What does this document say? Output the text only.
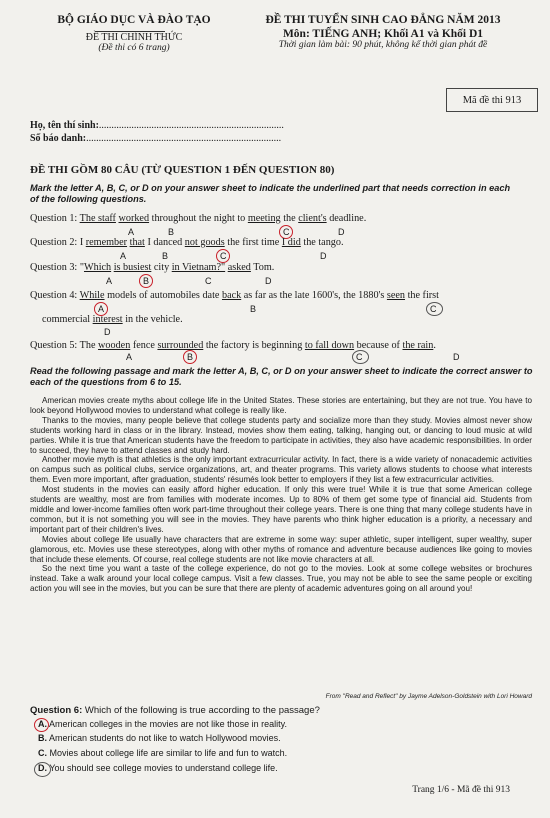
BỘ GIÁO DỤC VÀ ĐÀO TẠO
ĐỀ THI CHÍNH THỨC
(Đề thi có 6 trang)
ĐỀ THI TUYỂN SINH CAO ĐẲNG NĂM 2013
Môn: TIẾNG ANH; Khối A1 và Khối D1
Thời gian làm bài: 90 phút, không kể thời gian phát đề
Mã đề thi 913
Họ, tên thí sinh:..........................................................................
Số báo danh:..............................................................................
ĐỀ THI GỒM 80 CÂU (TỪ QUESTION 1 ĐẾN QUESTION 80)
Mark the letter A, B, C, or D on your answer sheet to indicate the underlined part that needs correction in each of the following questions.
Question 1: The staff worked throughout the night to meeting the client's deadline.
A	B	C	D
Question 2: I remember that I danced not goods the first time I did the tango.
A	B	C	D
Question 3: "Which is busiest city in Vietnam?" asked Tom.
A	B	C	D
Question 4: While models of automobiles date back as far as the late 1600's, the 1880's seen the first
A	B	C
commercial interest in the vehicle.
D
Question 5: The wooden fence surrounded the factory is beginning to fall down because of the rain.
A	B	C	D
Read the following passage and mark the letter A, B, C, or D on your answer sheet to indicate the correct answer to each of the questions from 6 to 15.

American movies create myths about college life in the United States. These stories are entertaining, but they are not true. You have to look beyond Hollywood movies to understand what college is really like.

Thanks to the movies, many people believe that college students party and socialize more than they study. Movies almost never show students working hard in class or in the library. Instead, movies show them eating, talking, hanging out, or dancing to loud music at wild parties. While it is true that American students have the freedom to participate in activities, they also have academic responsibilities. In order to succeed, they have to attend classes and study hard.

Another movie myth is that athletics is the only important extracurricular activity. In fact, there is a wide variety of nonacademic activities on campus such as political clubs, service organizations, art, and theater programs. This variety allows students to choose what interests them. Even more important, after graduation, students' résumés look better to employers if they list a few extracurricular activities.

Most students in the movies can easily afford higher education. If only this were true! While it is true that some American college students are wealthy, most are from families with moderate incomes. Up to 80% of them get some type of financial aid. Students from middle and lower-income families often work part-time throughout their college years. There is one thing that many college students have in common, but it is not something you will see in the movies. They have parents who think higher education is a priority, a necessary and important part of their children's lives.

Movies about college life usually have characters that are extreme in some way: super athletic, super intelligent, super wealthy, super glamorous, etc. Movies use these stereotypes, along with other myths of romance and adventure because audiences like going to movies that include these elements. Of course, real college students are not like movie characters at all.

So the next time you want a taste of the college experience, do not go to the movies. Look at some college websites or brochures instead. Take a walk around your local college campus. Visit a few classes. True, you may not be able to see the same people or exciting action you will see in the movies, but you can be sure that there are plenty of academic adventures going on all around you!

From "Read and Reflect" by Jayme Adelson-Goldstein with Lori Howard
Question 6: Which of the following is true according to the passage?
A. American colleges in the movies are not like those in reality.
B. American students do not like to watch Hollywood movies.
C. Movies about college life are similar to life and fun to watch.
D. You should see college movies to understand college life.
Trang 1/6 - Mã đề thi 913
